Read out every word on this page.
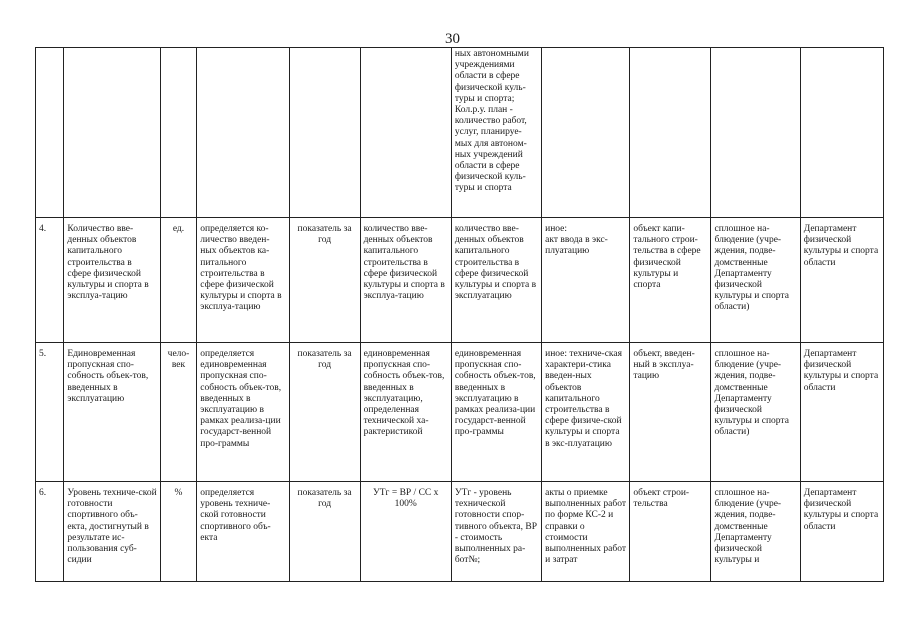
30
						ных автономными учреждениями области в сфере физической куль-туры и спорта;
Кол.р.у. план - количество работ, услуг, планируе-мых для автоном-ных учреждений области в сфере физической куль-туры и спорта				
4.	Количество вве-денных объектов капитального строительства в сфере физической культуры и спорта в эксплуа-тацию	ед.	определяется ко-личество введен-ных объектов ка-питального строительства в сфере физической культуры и спорта в эксплуа-тацию	показатель за год	количество вве-денных объектов капитального строительства в сфере физической культуры и спорта в эксплуа-тацию	количество вве-денных объектов капитального строительства в сфере физической культуры и спорта в эксплуатацию	иное:
акт ввода в экс-плуатацию	объект капи-тального строи-тельства в сфере физической культуры и спорта	сплошное на-блюдение (учре-ждения, подве-домственные Департаменту физической культуры и спорта области)	Департамент физической культуры и спорта области
5.	Единовременная пропускная спо-собность объек-тов, введенных в эксплуатацию	чело-век	определяется единовременная пропускная спо-собность объек-тов, введенных в эксплуатацию в рамках реализа-ции государст-венной про-граммы	показатель за год	единовременная пропускная спо-собность объек-тов, введенных в эксплуатацию, определенная технической ха-рактеристикой	единовременная пропускная спо-собность объек-тов, введенных в эксплуатацию в рамках реализа-ции государст-венной про-граммы	иное: техниче-ская характери-стика введен-ных объектов капитального строительства в сфере физиче-ской культуры и спорта в экс-плуатацию	объект, введен-ный в эксплуа-тацию	сплошное на-блюдение (учре-ждения, подве-домственные Департаменту физической культуры и спорта области)	Департамент физической культуры и спорта области
6.	Уровень техниче-ской готовности спортивного объ-екта, достигнутый в результате ис-пользования суб-сидии	%	определяется уровень техниче-ской готовности спортивного объ-екта	показатель за год	УТг = ВР / СС х 100%	УТг - уровень технической готовности спор-тивного объекта, ВР - стоимость выполненных ра-бот№;	акты о приемке выполненных работ по форме КС-2 и справки о стоимости выполненных работ и затрат	объект строи-тельства	сплошное на-блюдение (учре-ждения, подве-домственные Департаменту физической культуры и	Департамент физической культуры и спорта области
